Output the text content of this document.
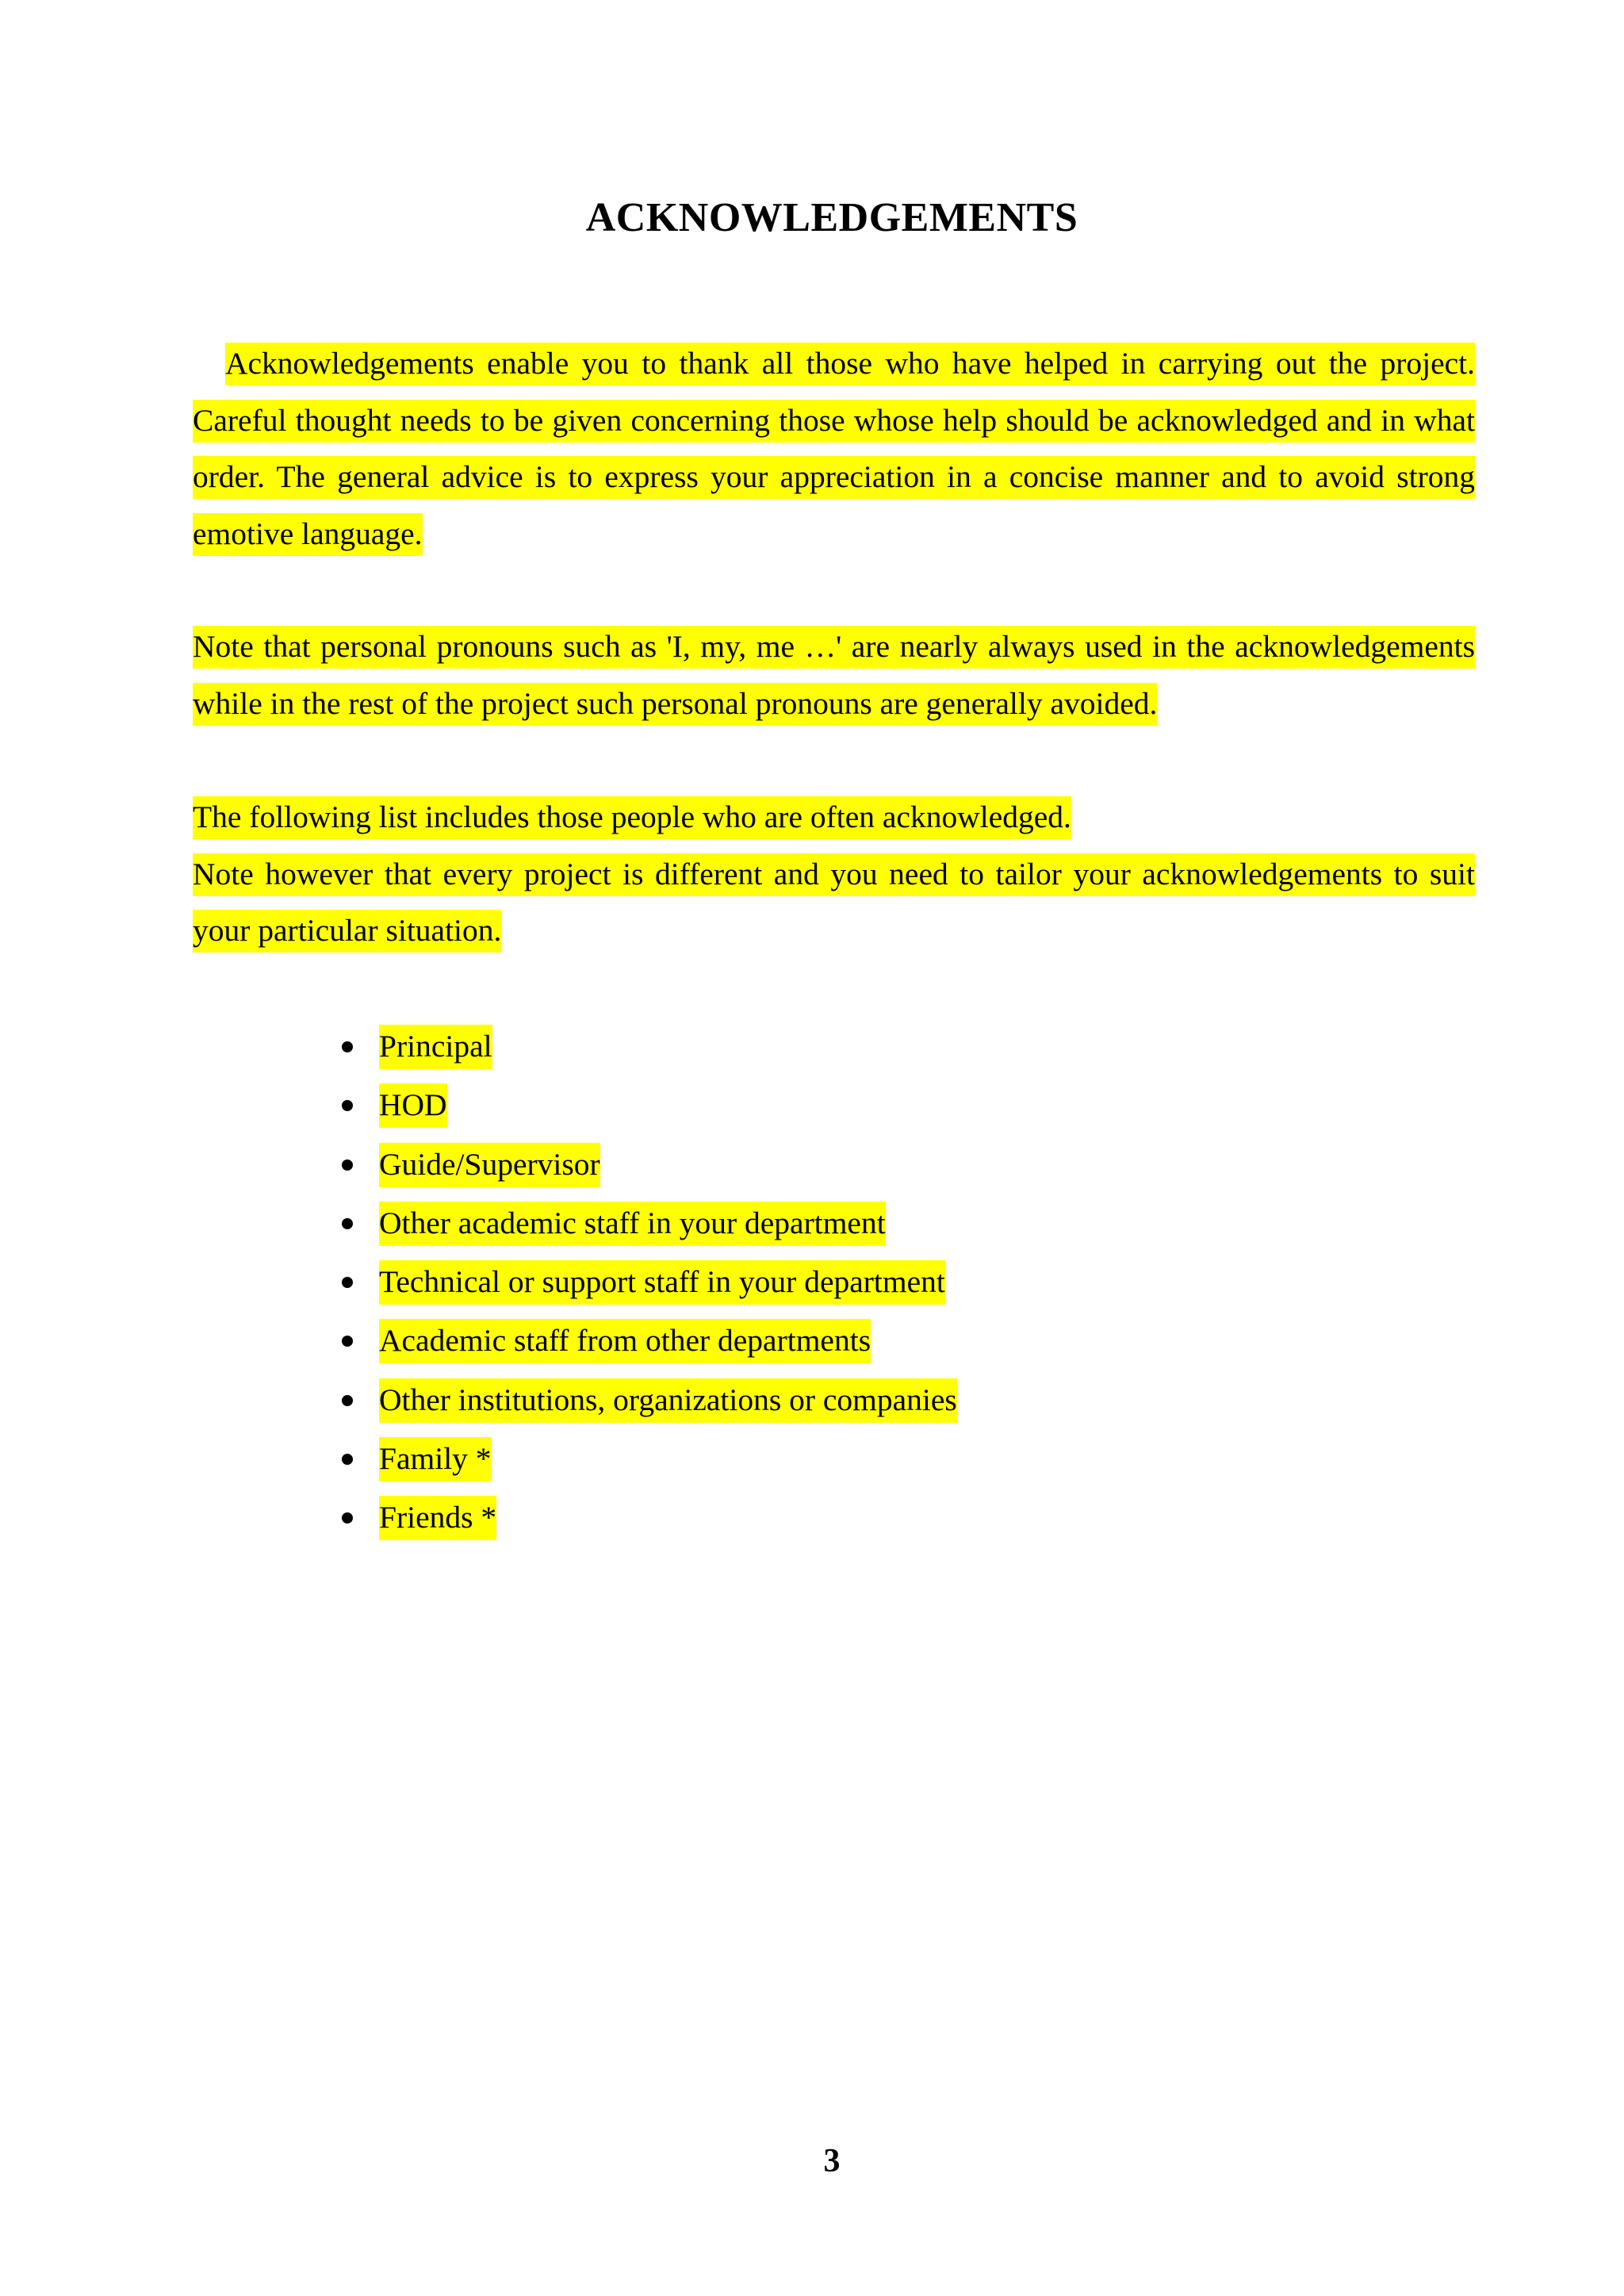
ACKNOWLEDGEMENTS

Acknowledgements enable you to thank all those who have helped in carrying out the project. Careful thought needs to be given concerning those whose help should be acknowledged and in what order. The general advice is to express your appreciation in a concise manner and to avoid strong emotive language.

Note that personal pronouns such as 'I, my, me …' are nearly always used in the acknowledgements while in the rest of the project such personal pronouns are generally avoided.

The following list includes those people who are often acknowledged.
Note however that every project is different and you need to tailor your acknowledgements to suit your particular situation.

Principal
HOD
Guide/Supervisor
Other academic staff in your department
Technical or support staff in your department
Academic staff from other departments
Other institutions, organizations or companies
Family *
Friends *
3
